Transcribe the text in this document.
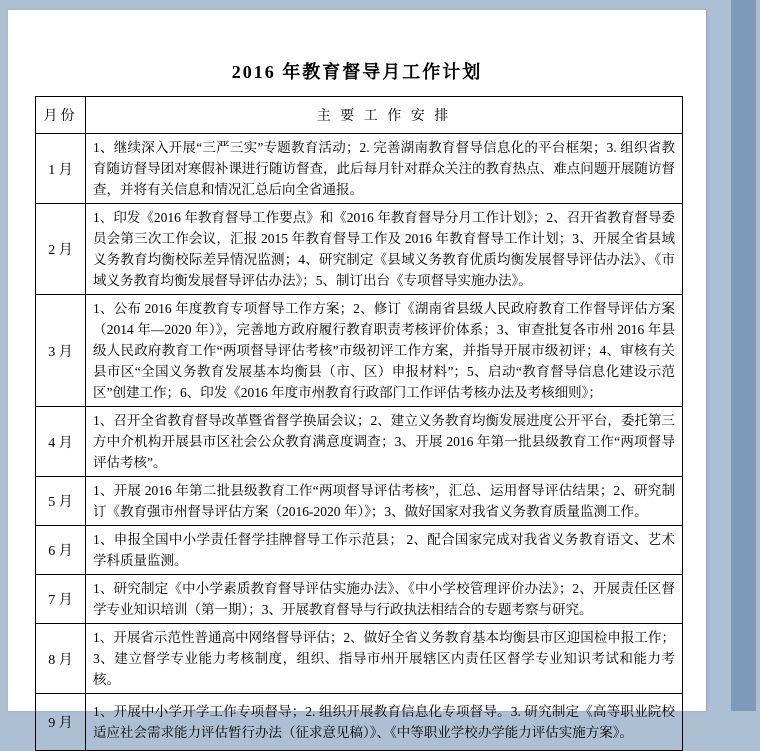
2016 年教育督导月工作计划
月份	主 要 工 作 安 排
1 月	1、继续深入开展“三严三实”专题教育活动；2. 完善湖南教育督导信息化的平台框架；3. 组织省教育随访督导团对寒假补课进行随访督查，此后每月针对群众关注的教育热点、难点问题开展随访督查，并将有关信息和情况汇总后向全省通报。
2 月	1、印发《2016 年教育督导工作要点》和《2016 年教育督导分月工作计划》；2、召开省教育督导委员会第三次工作会议，汇报 2015 年教育督导工作及 2016 年教育督导工作计划；3、开展全省县域义务教育均衡校际差异情况监测；4、研究制定《县域义务教育优质均衡发展督导评估办法》、《市域义务教育均衡发展督导评估办法》；5、制订出台《专项督导实施办法》。
3 月	1、公布 2016 年度教育专项督导工作方案；2、修订《湖南省县级人民政府教育工作督导评估方案（2014 年—2020 年）》，完善地方政府履行教育职责考核评价体系；3、审查批复各市州 2016 年县级人民政府教育工作“两项督导评估考核”市级初评工作方案，并指导开展市级初评；4、审核有关县市区“全国义务教育发展基本均衡县（市、区）申报材料”；5、启动“教育督导信息化建设示范区”创建工作；6、印发《2016 年度市州教育行政部门工作评估考核办法及考核细则》；
4 月	1、召开全省教育督导改革暨省督学换届会议；2、建立义务教育均衡发展进度公开平台，委托第三方中介机构开展县市区社会公众教育满意度调查；3、开展 2016 年第一批县级教育工作“两项督导评估考核”。
5 月	1、开展 2016 年第二批县级教育工作“两项督导评估考核”，汇总、运用督导评估结果；2、研究制订《教育强市州督导评估方案（2016-2020 年）》；3、做好国家对我省义务教育质量监测工作。
6 月	1、申报全国中小学责任督学挂牌督导工作示范县； 2、配合国家完成对我省义务教育语文、艺术学科质量监测。
7 月	1、研究制定《中小学素质教育督导评估实施办法》、《中小学校管理评价办法》；2、开展责任区督学专业知识培训（第一期）；3、开展教育督导与行政执法相结合的专题考察与研究。
8 月	1、开展省示范性普通高中网络督导评估；2、做好全省义务教育基本均衡县市区迎国检申报工作；3、建立督学专业能力考核制度，组织、指导市州开展辖区内责任区督学专业知识考试和能力考核。
9 月	1、开展中小学开学工作专项督导；2. 组织开展教育信息化专项督导。3. 研究制定《高等职业院校适应社会需求能力评估暂行办法（征求意见稿）》、《中等职业学校办学能力评估实施方案》。
